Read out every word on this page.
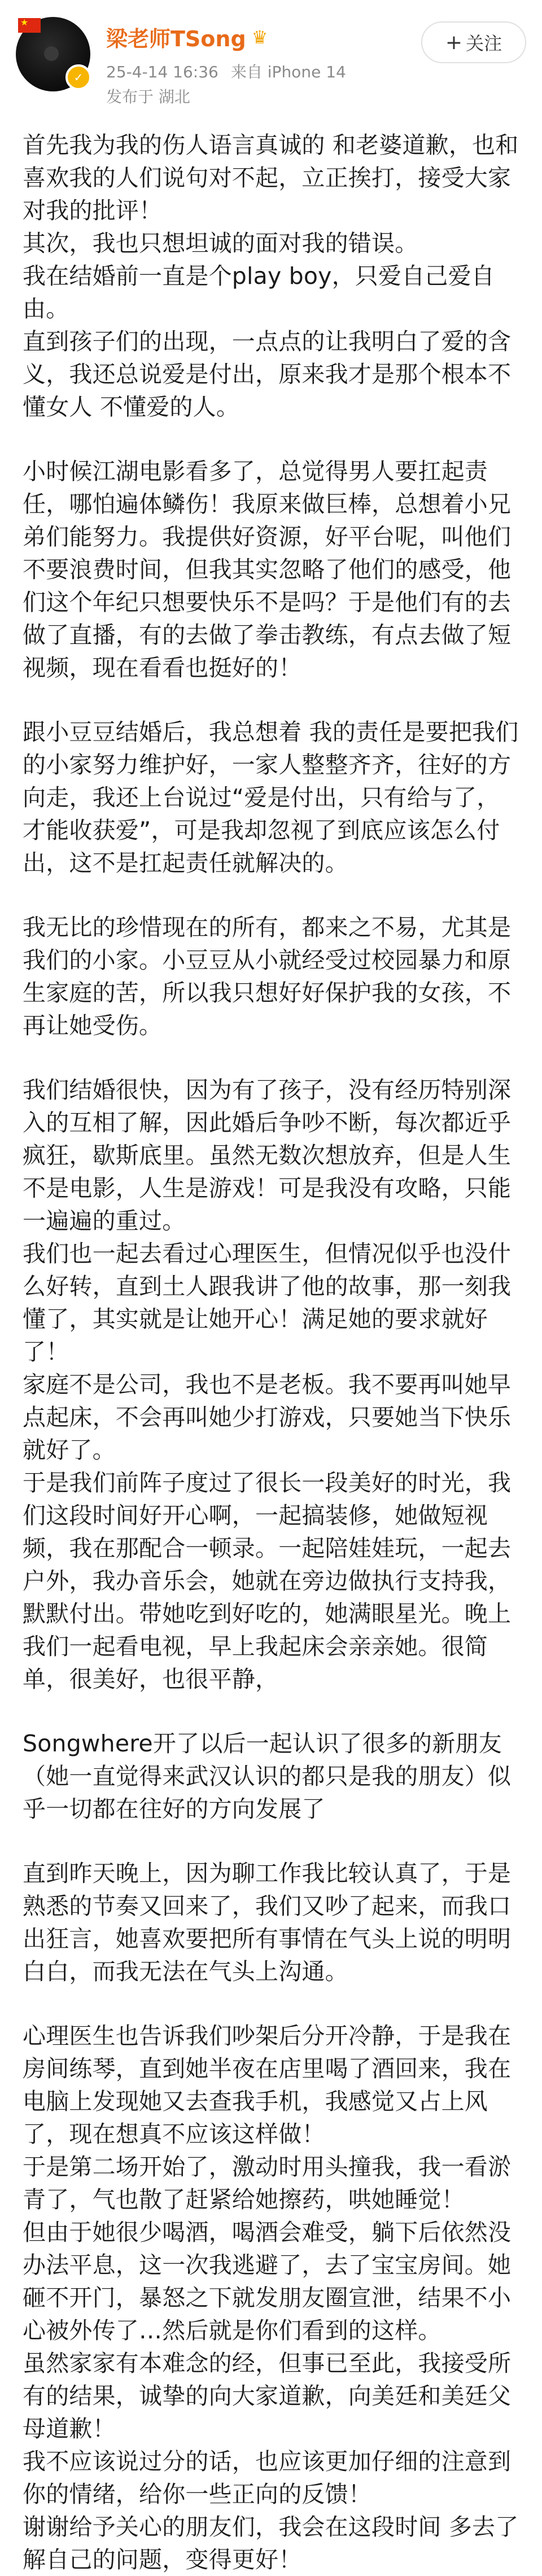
★
✓
梁老师TSong ♛
25-4-14 16:36 来自 iPhone 14
发布于 湖北
+ 关注

首先我为我的伤人语言真诚的 和老婆道歉，也和喜欢我的人们说句对不起，立正挨打，接受大家对我的批评！

其次，我也只想坦诚的面对我的错误。

我在结婚前一直是个play boy，只爱自己爱自由。

直到孩子们的出现，一点点的让我明白了爱的含义，我还总说爱是付出，原来我才是那个根本不懂女人 不懂爱的人。

小时候江湖电影看多了，总觉得男人要扛起责任，哪怕遍体鳞伤！我原来做巨棒，总想着小兄弟们能努力。我提供好资源，好平台呢，叫他们不要浪费时间，但我其实忽略了他们的感受，他们这个年纪只想要快乐不是吗？于是他们有的去做了直播，有的去做了拳击教练，有点去做了短视频，现在看看也挺好的！

跟小豆豆结婚后，我总想着 我的责任是要把我们的小家努力维护好，一家人整整齐齐，往好的方向走，我还上台说过“爱是付出，只有给与了，才能收获爱”，可是我却忽视了到底应该怎么付出，这不是扛起责任就解决的。

我无比的珍惜现在的所有，都来之不易，尤其是我们的小家。小豆豆从小就经受过校园暴力和原生家庭的苦，所以我只想好好保护我的女孩，不再让她受伤。

我们结婚很快，因为有了孩子，没有经历特别深入的互相了解，因此婚后争吵不断，每次都近乎疯狂，歇斯底里。虽然无数次想放弃，但是人生不是电影，人生是游戏！可是我没有攻略，只能一遍遍的重过。

我们也一起去看过心理医生，但情况似乎也没什么好转，直到土人跟我讲了他的故事，那一刻我懂了，其实就是让她开心！满足她的要求就好了！

家庭不是公司，我也不是老板。我不要再叫她早点起床，不会再叫她少打游戏，只要她当下快乐就好了。

于是我们前阵子度过了很长一段美好的时光，我们这段时间好开心啊，一起搞装修，她做短视频，我在那配合一顿录。一起陪娃娃玩，一起去户外，我办音乐会，她就在旁边做执行支持我，默默付出。带她吃到好吃的，她满眼星光。晚上我们一起看电视，早上我起床会亲亲她。很简单，很美好，也很平静，

Songwhere开了以后一起认识了很多的新朋友（她一直觉得来武汉认识的都只是我的朋友）似乎一切都在往好的方向发展了

直到昨天晚上，因为聊工作我比较认真了，于是熟悉的节奏又回来了，我们又吵了起来，而我口出狂言，她喜欢要把所有事情在气头上说的明明白白，而我无法在气头上沟通。

心理医生也告诉我们吵架后分开冷静，于是我在房间练琴，直到她半夜在店里喝了酒回来，我在电脑上发现她又去查我手机，我感觉又占上风了，现在想真不应该这样做！

于是第二场开始了，激动时用头撞我，我一看淤青了，气也散了赶紧给她擦药，哄她睡觉！

但由于她很少喝酒，喝酒会难受，躺下后依然没办法平息，这一次我逃避了，去了宝宝房间。她砸不开门，暴怒之下就发朋友圈宣泄，结果不小心被外传了…然后就是你们看到的这样。

虽然家家有本难念的经，但事已至此，我接受所有的结果，诚挚的向大家道歉，向美廷和美廷父母道歉！

我不应该说过分的话，也应该更加仔细的注意到你的情绪，给你一些正向的反馈！

谢谢给予关心的朋友们，我会在这段时间 多去了解自己的问题，变得更好！
